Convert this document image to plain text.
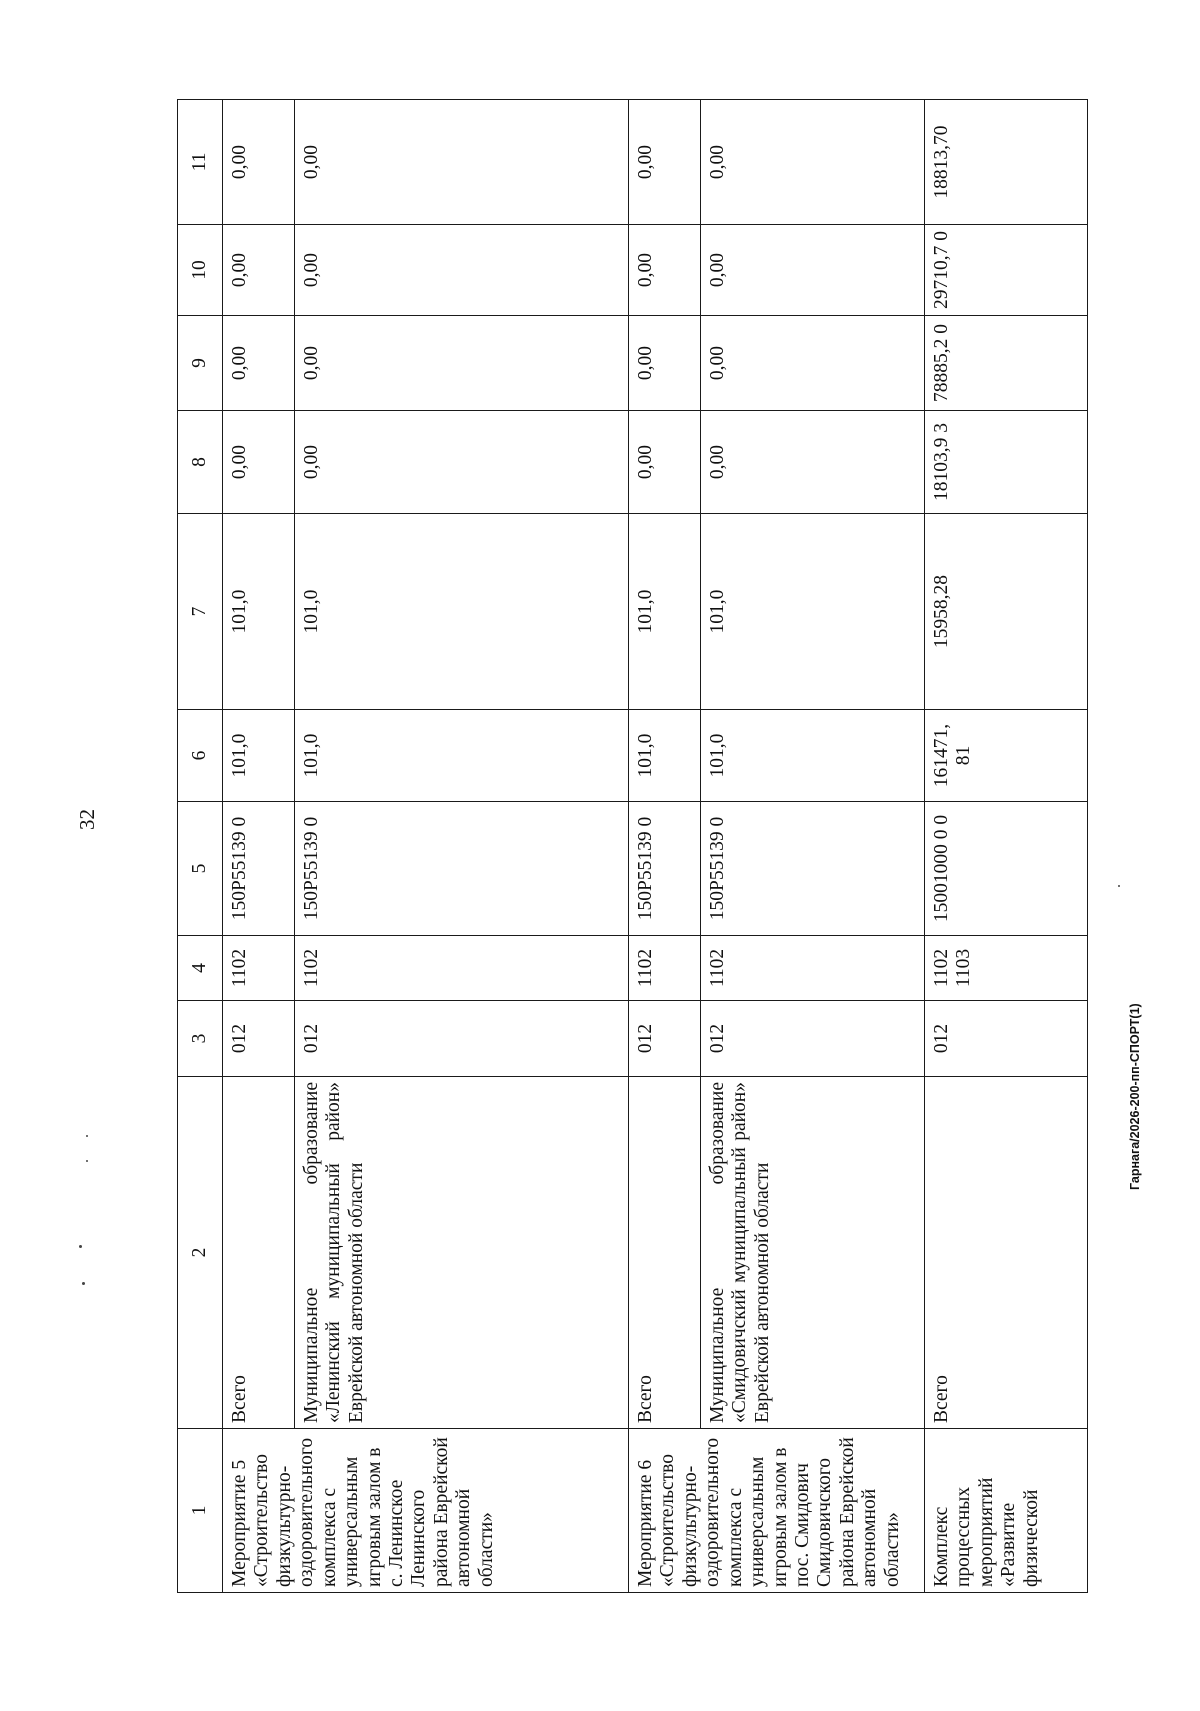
32
1	2	3	4	5	6	7	8	9	10	11
Мероприятие 5 «Строительство физкультурно-оздоровительного комплекса с универсальным игровым залом в с. Ленинское Ленинского района Еврейской автономной области»	Всего	012	1102	150P55139 0	101,0	101,0	0,00	0,00	0,00	0,00
	Муниципальное образование «Ленинский муниципальный район» Еврейской автономной области	012	1102	150P55139 0	101,0	101,0	0,00	0,00	0,00	0,00
Мероприятие 6 «Строительство физкультурно-оздоровительного комплекса с универсальным игровым залом в пос. Смидович Смидовичского района Еврейской автономной области»	Всего	012	1102	150P55139 0	101,0	101,0	0,00	0,00	0,00	0,00
	Муниципальное образование «Смидовичский муниципальный район» Еврейской автономной области	012	1102	150P55139 0	101,0	101,0	0,00	0,00	0,00	0,00
Комплекс процессных мероприятий «Развитие физической	Всего	012	1102 1103	15001000 0 0	161471, 81	15958,28	18103,9 3	78885,2 0	29710,7 0	18813,70
Гарнага/2026-200-пп-СПОРТ(1)
